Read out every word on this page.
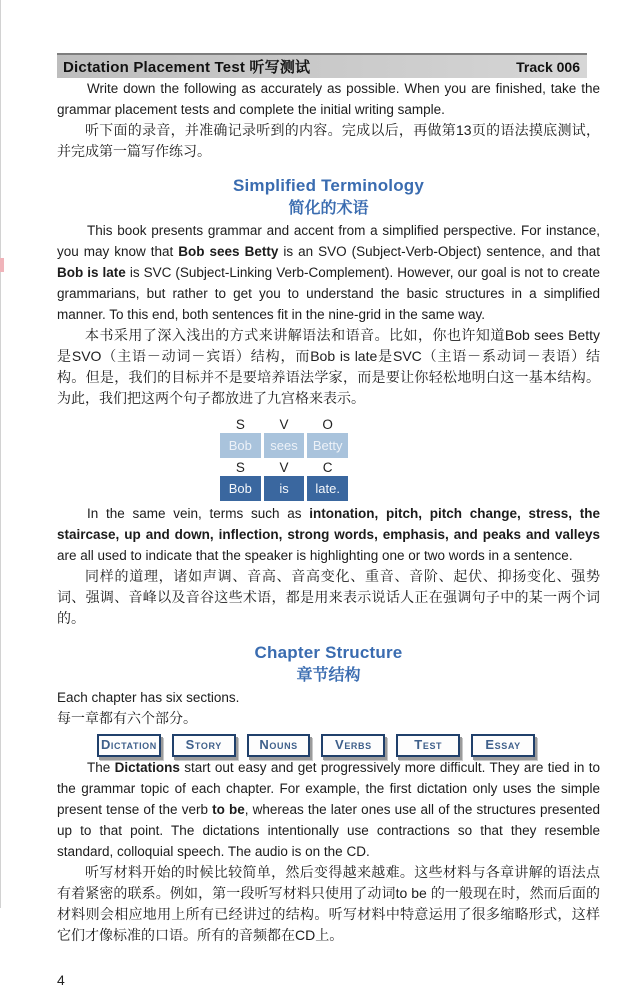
Dictation Placement Test 听写测试	Track 006

Write down the following as accurately as possible. When you are finished, take the grammar placement tests and complete the initial writing sample.

听下面的录音，并准确记录听到的内容。完成以后，再做第13页的语法摸底测试，并完成第一篇写作练习。

Simplified Terminology
简化的术语

This book presents grammar and accent from a simplified perspective. For instance, you may know that Bob sees Betty is an SVO (Subject-Verb-Object) sentence, and that Bob is late is SVC (Subject-Linking Verb-Complement). However, our goal is not to create grammarians, but rather to get you to understand the basic structures in a simplified manner. To this end, both sentences fit in the nine-grid in the same way.

本书采用了深入浅出的方式来讲解语法和语音。比如，你也许知道Bob sees Betty 是SVO（主语－动词－宾语）结构，而Bob is late是SVC（主语－系动词－表语）结构。但是，我们的目标并不是要培养语法学家，而是要让你轻松地明白这一基本结构。为此，我们把这两个句子都放进了九宫格来表示。

S	V	O
Bob	sees	Betty
S	V	C
Bob	is	late.

In the same vein, terms such as intonation, pitch, pitch change, stress, the staircase, up and down, inflection, strong words, emphasis, and peaks and valleys are all used to indicate that the speaker is highlighting one or two words in a sentence.

同样的道理，诸如声调、音高、音高变化、重音、音阶、起伏、抑扬变化、强势词、强调、音峰以及音谷这些术语，都是用来表示说话人正在强调句子中的某一两个词的。

Chapter Structure
章节结构

Each chapter has six sections.

每一章都有六个部分。

Dictation	Story	Nouns	Verbs	Test	Essay

The Dictations start out easy and get progressively more difficult. They are tied in to the grammar topic of each chapter. For example, the first dictation only uses the simple present tense of the verb to be, whereas the later ones use all of the structures presented up to that point. The dictations intentionally use contractions so that they resemble standard, colloquial speech. The audio is on the CD.

听写材料开始的时候比较简单，然后变得越来越难。这些材料与各章讲解的语法点有着紧密的联系。例如，第一段听写材料只使用了动词to be 的一般现在时，然而后面的材料则会相应地用上所有已经讲过的结构。听写材料中特意运用了很多缩略形式，这样它们才像标准的口语。所有的音频都在CD上。

4
